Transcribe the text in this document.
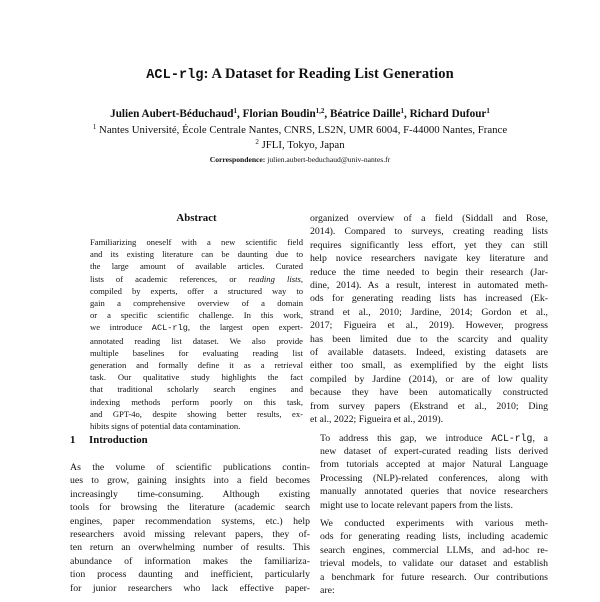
ACL-rlg: A Dataset for Reading List Generation
Julien Aubert-Béduchaud$^1$, Florian Boudin$^{1,2}$, Béatrice Daille$^1$, Richard Dufour$^1$
$^1$ Nantes Université, École Centrale Nantes, CNRS, LS2N, UMR 6004, F-44000 Nantes, France
$^2$ JFLI, Tokyo, Japan
Correspondence: julien.aubert-beduchaud@univ-nantes.fr
Abstract
Familiarizing oneself with a new scientific field
and its existing literature can be daunting due to
the large amount of available articles. Curated
lists of academic references, or reading lists,
compiled by experts, offer a structured way to
gain a comprehensive overview of a domain
or a specific scientific challenge. In this work,
we introduce ACL-rlg, the largest open expert-
annotated reading list dataset. We also provide
multiple baselines for evaluating reading list
generation and formally define it as a retrieval
task. Our qualitative study highlights the fact
that traditional scholarly search engines and
indexing methods perform poorly on this task,
and GPT-4o, despite showing better results, ex-
hibits signs of potential data contamination.
1 Introduction
As the volume of scientific publications contin-
ues to grow, gaining insights into a field becomes
increasingly time-consuming. Although existing
tools for browsing the literature (academic search
engines, paper recommendation systems, etc.) help
researchers avoid missing relevant papers, they of-
ten return an overwhelming number of results. This
abundance of information makes the familiariza-
tion process daunting and inefficient, particularly
for junior researchers who lack effective paper-

organized overview of a field (Siddall and Rose,
2014). Compared to surveys, creating reading lists
requires significantly less effort, yet they can still
help novice researchers navigate key literature and
reduce the time needed to begin their research (Jar-
dine, 2014). As a result, interest in automated meth-
ods for generating reading lists has increased (Ek-
strand et al., 2010; Jardine, 2014; Gordon et al.,
2017; Figueira et al., 2019). However, progress
has been limited due to the scarcity and quality
of available datasets. Indeed, existing datasets are
either too small, as exemplified by the eight lists
compiled by Jardine (2014), or are of low quality
because they have been automatically constructed
from survey papers (Ekstrand et al., 2010; Ding
et al., 2022; Figueira et al., 2019).

To address this gap, we introduce ACL-rlg, a
new dataset of expert-curated reading lists derived
from tutorials accepted at major Natural Language
Processing (NLP)-related conferences, along with
manually annotated queries that novice researchers
might use to locate relevant papers from the lists.

We conducted experiments with various meth-
ods for generating reading lists, including academic
search engines, commercial LLMs, and ad-hoc re-
trieval models, to validate our dataset and establish
a benchmark for future research. Our contributions
are:
